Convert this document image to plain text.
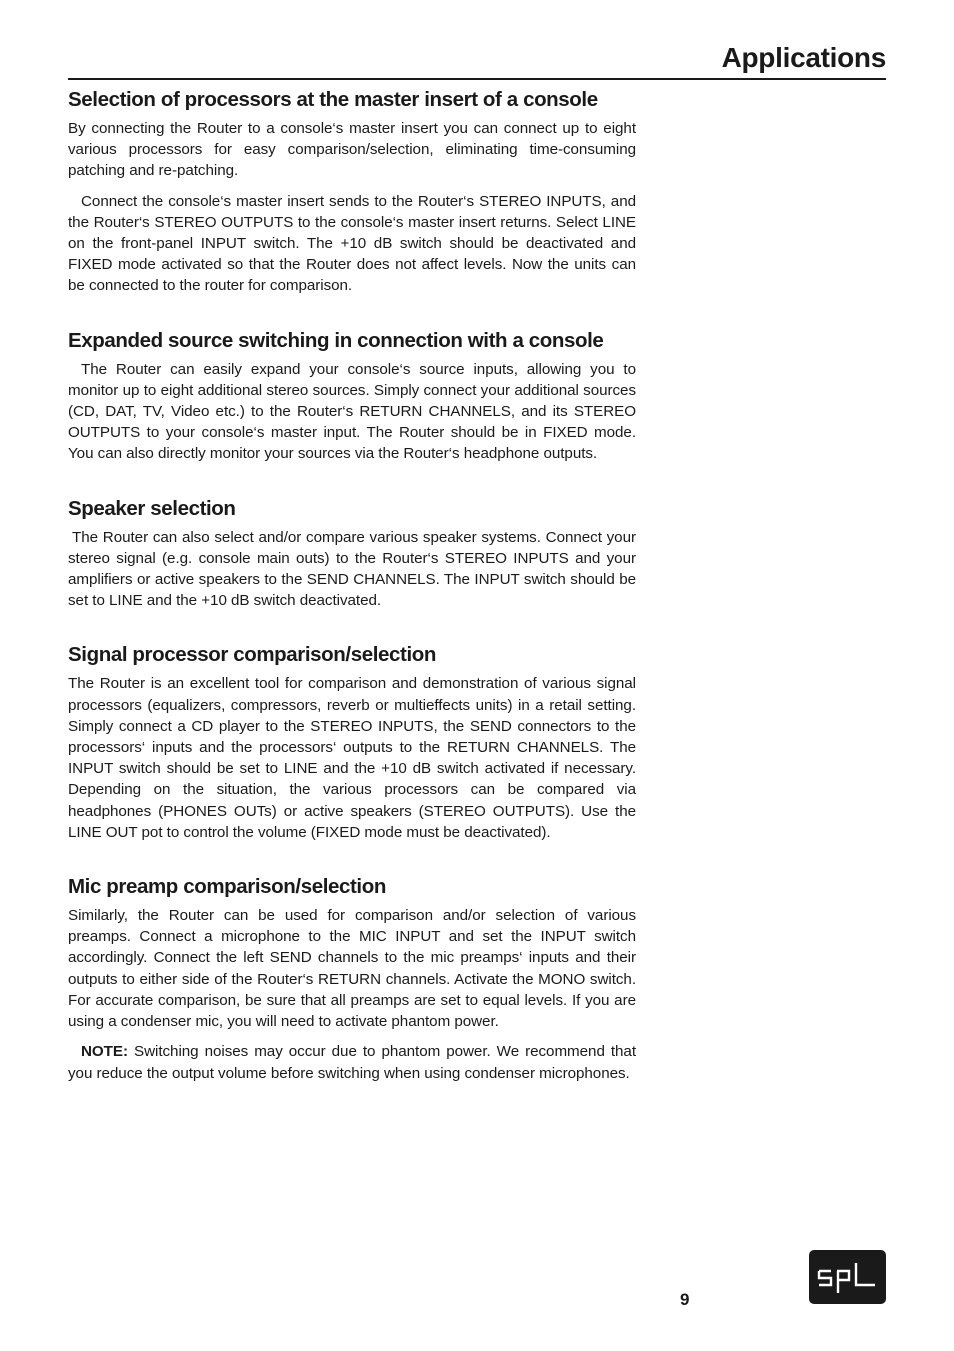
Applications
Selection of processors at the master insert of a console

By connecting the Router to a console‘s master insert you can connect up to eight various processors for easy comparison/selection, eliminating time-consuming patching and re-patching.

Connect the console‘s master insert sends to the Router‘s STEREO INPUTS, and the Router‘s STEREO OUTPUTS to the console‘s master insert returns. Select LINE on the front-panel INPUT switch. The +10 dB switch should be deactivated and FIXED mode activated so that the Router does not affect levels. Now the units can be connected to the router for comparison.

Expanded source switching in connection with a console

The Router can easily expand your console‘s source inputs, allowing you to monitor up to eight additional stereo sources. Simply connect your additional sources (CD, DAT, TV, Video etc.) to the Router‘s RETURN CHANNELS, and its STEREO OUTPUTS to your console‘s master input. The Router should be in FIXED mode. You can also directly monitor your sources via the Router‘s headphone outputs.

Speaker selection

The Router can also select and/or compare various speaker systems. Connect your stereo signal (e.g. console main outs) to the Router‘s STEREO INPUTS and your amplifiers or active speakers to the SEND CHANNELS. The INPUT switch should be set to LINE and the +10 dB switch deactivated.

Signal processor comparison/selection

The Router is an excellent tool for comparison and demonstration of various signal processors (equalizers, compressors, reverb or multieffects units) in a retail setting. Simply connect a CD player to the STEREO INPUTS, the SEND connectors to the processors‘ inputs and the processors‘ outputs to the RETURN CHANNELS. The INPUT switch should be set to LINE and the +10 dB switch activated if necessary. Depending on the situation, the various processors can be compared via headphones (PHONES OUTs) or active speakers (STEREO OUTPUTS). Use the LINE OUT pot to control the volume (FIXED mode must be deactivated).

Mic preamp comparison/selection

Similarly, the Router can be used for comparison and/or selection of various preamps. Connect a microphone to the MIC INPUT and set the INPUT switch accordingly. Connect the left SEND channels to the mic preamps‘ inputs and their outputs to either side of the Router‘s RETURN channels. Activate the MONO switch. For accurate comparison, be sure that all preamps are set to equal levels. If you are using a condenser mic, you will need to activate phantom power.

NOTE: Switching noises may occur due to phantom power. We recommend that you reduce the output volume before switching when using condenser microphones.

9
